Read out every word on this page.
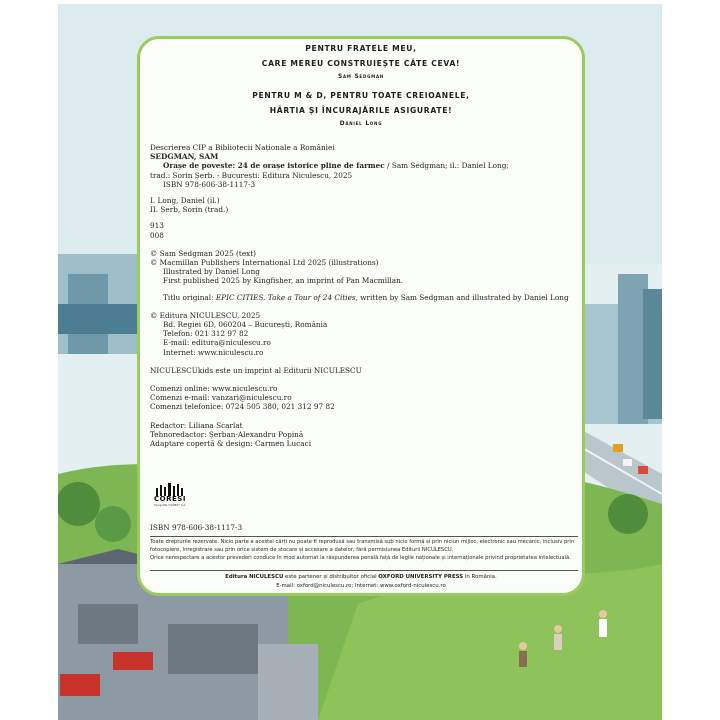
PENTRU FRATELE MEU,
CARE MEREU CONSTRUIEȘTE CÂTE CEVA!
Sam Sedgman
PENTRU M & D, PENTRU TOATE CREIOANELE,
HÂRTIA ȘI ÎNCURAJĂRILE ASIGURATE!
Daniel Long
Descrierea CIP a Bibliotecii Naționale a României
SEDGMAN, SAM
Orașe de poveste: 24 de orașe istorice pline de farmec / Sam Sedgman; il.: Daniel Long;
trad.: Sorin Șerb. - București: Editura Niculescu, 2025
ISBN 978-606-38-1117-3
I. Long, Daniel (il.)
II. Șerb, Sorin (trad.)
913
008
© Sam Sedgman 2025 (text)
© Macmillan Publishers International Ltd 2025 (illustrations)
Illustrated by Daniel Long
First published 2025 by Kingfisher, an imprint of Pan Macmillan.
Titlu original: EPIC CITIES. Take a Tour of 24 Cities, written by Sam Sedgman and illustrated by Daniel Long
© Editura NICULESCU, 2025
Bd. Regiei 6D, 060204 – București, România
Telefon: 021 312 97 82
E-mail: editura@niculescu.ro
Internet: www.niculescu.ro
NICULESCUkids este un imprint al Editurii NICULESCU
Comenzi online: www.niculescu.ro
Comenzi e-mail: vanzari@niculescu.ro
Comenzi telefonice: 0724 505 380, 021 312 97 82
Redactor: Liliana Scarlat
Tehnoredactor: Șerban-Alexandru Popină
Adaptare copertă & design: Carmen Lucaci
CORESI
Tipografia "CORESI" S.A.
ISBN 978-606-38-1117-3
Toate drepturile rezervate. Nicio parte a acestei cărți nu poate fi reprodusă sau transmisă sub nicio formă și prin niciun mijloc, electronic sau mecanic, inclusiv prin fotocopiere, înregistrare sau prin orice sistem de stocare și accesare a datelor, fără permisiunea Editurii NICULESCU.
Orice nerespectare a acestor prevederi conduce în mod automat la răspunderea penală față de legile naționale și internaționale privind proprietatea intelectuală.
Editura NICULESCU este partener și distribuitor oficial OXFORD UNIVERSITY PRESS în România.
E-mail: oxford@niculescu.ro; Internet: www.oxford-niculescu.ro
